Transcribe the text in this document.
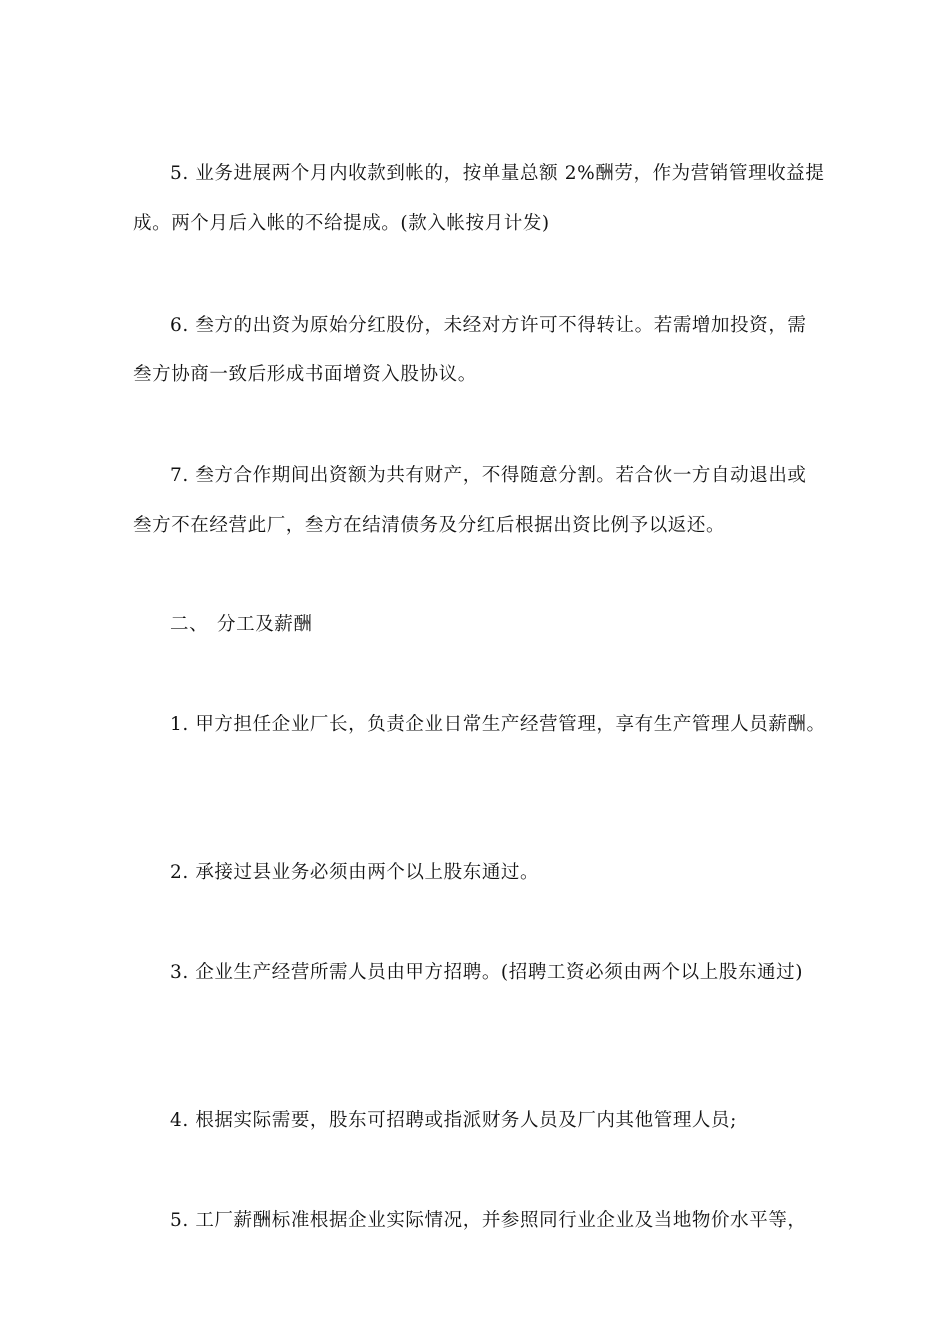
5. 业务进展两个月内收款到帐的，按单量总额 2%酬劳，作为营销管理收益提
成。两个月后入帐的不给提成。(款入帐按月计发)
6. 叁方的出资为原始分红股份，未经对方许可不得转让。若需增加投资，需
叁方协商一致后形成书面增资入股协议。
7. 叁方合作期间出资额为共有财产，不得随意分割。若合伙一方自动退出或
叁方不在经营此厂，叁方在结清债务及分红后根据出资比例予以返还。
二、 分工及薪酬
1. 甲方担任企业厂长，负责企业日常生产经营管理，享有生产管理人员薪酬。
2. 承接过县业务必须由两个以上股东通过。
3. 企业生产经营所需人员由甲方招聘。(招聘工资必须由两个以上股东通过)
4. 根据实际需要，股东可招聘或指派财务人员及厂内其他管理人员;
5. 工厂薪酬标准根据企业实际情况，并参照同行业企业及当地物价水平等，
